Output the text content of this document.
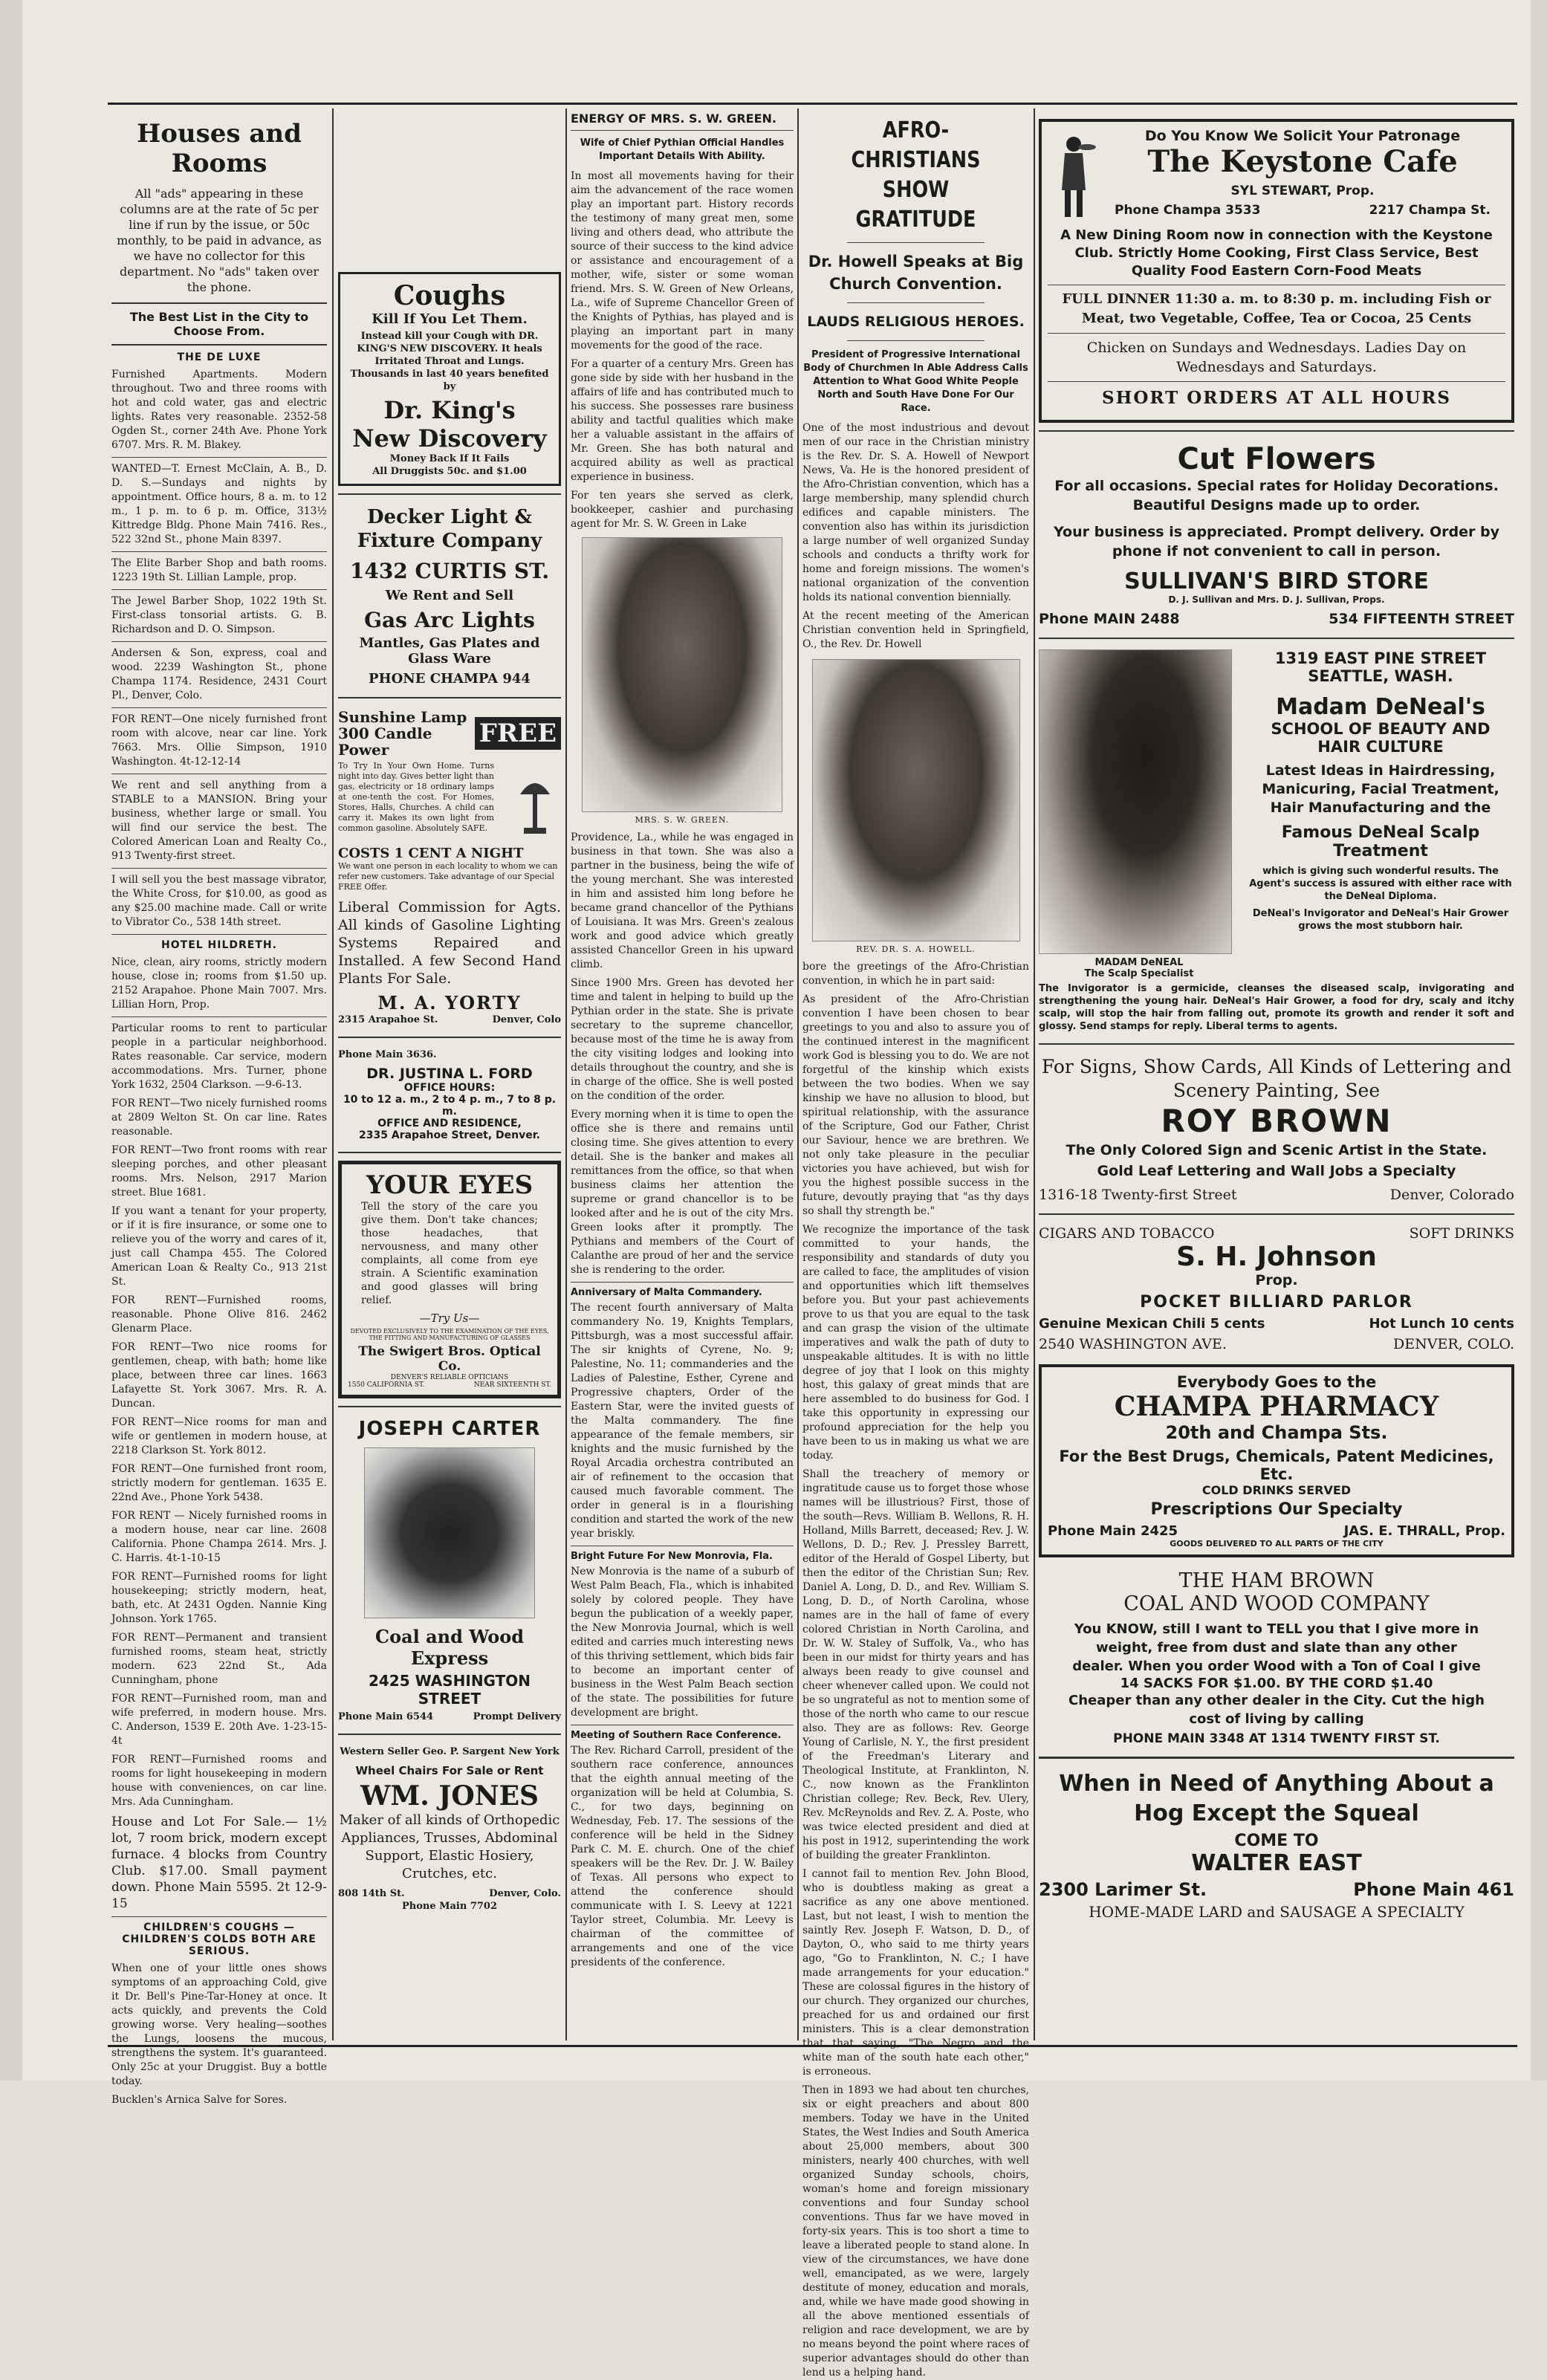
Houses and Rooms

All "ads" appearing in these columns are at the rate of 5c per line if run by the issue, or 50c monthly, to be paid in advance, as we have no collector for this department. No "ads" taken over the phone.

The Best List in the City to Choose From.
THE DE LUXE

Furnished Apartments. Modern throughout. Two and three rooms with hot and cold water, gas and electric lights. Rates very reasonable. 2352-58 Ogden St., corner 24th Ave. Phone York 6707. Mrs. R. M. Blakey.

WANTED—T. Ernest McClain, A. B., D. D. S.—Sundays and nights by appointment. Office hours, 8 a. m. to 12 m., 1 p. m. to 6 p. m. Office, 313½ Kittredge Bldg. Phone Main 7416. Res., 522 32nd St., phone Main 8397.

The Elite Barber Shop and bath rooms. 1223 19th St. Lillian Lample, prop.

The Jewel Barber Shop, 1022 19th St. First-class tonsorial artists. G. B. Richardson and D. O. Simpson.

Andersen & Son, express, coal and wood. 2239 Washington St., phone Champa 1174. Residence, 2431 Court Pl., Denver, Colo.

FOR RENT—One nicely furnished front room with alcove, near car line. York 7663. Mrs. Ollie Simpson, 1910 Washington. 4t-12-12-14

We rent and sell anything from a STABLE to a MANSION. Bring your business, whether large or small. You will find our service the best. The Colored American Loan and Realty Co., 913 Twenty-first street.

I will sell you the best massage vibrator, the White Cross, for $10.00, as good as any $25.00 machine made. Call or write to Vibrator Co., 538 14th street.

HOTEL HILDRETH.

Nice, clean, airy rooms, strictly modern house, close in; rooms from $1.50 up. 2152 Arapahoe. Phone Main 7007. Mrs. Lillian Horn, Prop.

Particular rooms to rent to particular people in a particular neighborhood. Rates reasonable. Car service, modern accommodations. Mrs. Turner, phone York 1632, 2504 Clarkson. —9-6-13.

FOR RENT—Two nicely furnished rooms at 2809 Welton St. On car line. Rates reasonable.

FOR RENT—Two front rooms with rear sleeping porches, and other pleasant rooms. Mrs. Nelson, 2917 Marion street. Blue 1681.

If you want a tenant for your property, or if it is fire insurance, or some one to relieve you of the worry and cares of it, just call Champa 455. The Colored American Loan & Realty Co., 913 21st St.

FOR RENT—Furnished rooms, reasonable. Phone Olive 816. 2462 Glenarm Place.

FOR RENT—Two nice rooms for gentlemen, cheap, with bath; home like place, between three car lines. 1663 Lafayette St. York 3067. Mrs. R. A. Duncan.

FOR RENT—Nice rooms for man and wife or gentlemen in modern house, at 2218 Clarkson St. York 8012.

FOR RENT—One furnished front room, strictly modern for gentleman. 1635 E. 22nd Ave., Phone York 5438.

FOR RENT — Nicely furnished rooms in a modern house, near car line. 2608 California. Phone Champa 2614. Mrs. J. C. Harris. 4t-1-10-15

FOR RENT—Furnished rooms for light housekeeping; strictly modern, heat, bath, etc. At 2431 Ogden. Nannie King Johnson. York 1765.

FOR RENT—Permanent and transient furnished rooms, steam heat, strictly modern. 623 22nd St., Ada Cunningham, phone

FOR RENT—Furnished room, man and wife preferred, in modern house. Mrs. C. Anderson, 1539 E. 20th Ave. 1-23-15-4t

FOR RENT—Furnished rooms and rooms for light housekeeping in modern house with conveniences, on car line. Mrs. Ada Cunningham.

House and Lot For Sale.— 1½ lot, 7 room brick, modern except furnace. 4 blocks from Country Club. $17.00. Small payment down. Phone Main 5595. 2t 12-9-15

CHILDREN'S COUGHS — CHILDREN'S COLDS BOTH ARE SERIOUS.

When one of your little ones shows symptoms of an approaching Cold, give it Dr. Bell's Pine-Tar-Honey at once. It acts quickly, and prevents the Cold growing worse. Very healing—soothes the Lungs, loosens the mucous, strengthens the system. It's guaranteed. Only 25c at your Druggist. Buy a bottle today.

Bucklen's Arnica Salve for Sores.

Coughs
Kill If You Let Them.

Instead kill your Cough with DR. KING'S NEW DISCOVERY. It heals Irritated Throat and Lungs. Thousands in last 40 years benefited by

Dr. King's
New Discovery
Money Back If It Fails
All Druggists 50c. and $1.00
Decker Light & Fixture Company
1432 CURTIS ST.
We Rent and Sell
Gas Arc Lights
Mantles, Gas Plates and Glass Ware
PHONE CHAMPA 944
Sunshine Lamp 300 Candle Power
FREE

To Try In Your Own Home. Turns night into day. Gives better light than gas, electricity or 18 ordinary lamps at one-tenth the cost. For Homes, Stores, Halls, Churches. A child can carry it. Makes its own light from common gasoline. Absolutely SAFE.

COSTS 1 CENT A NIGHT

We want one person in each locality to whom we can refer new customers. Take advantage of our Special FREE Offer.

Liberal Commission for Agts. All kinds of Gasoline Lighting Systems Repaired and Installed. A few Second Hand Plants For Sale.

M. A. YORTY
2315 Arapahoe St.	Denver, Colo
Phone Main 3636.
DR. JUSTINA L. FORD
OFFICE HOURS:
10 to 12 a. m., 2 to 4 p. m., 7 to 8 p. m.
OFFICE AND RESIDENCE,
2335 Arapahoe Street, Denver.
YOUR EYES

Tell the story of the care you give them. Don't take chances; those headaches, that nervousness, and many other complaints, all come from eye strain. A Scientific examination and good glasses will bring relief.

—Try Us—
DEVOTED EXCLUSIVELY TO THE EXAMINATION OF THE EYES, THE FITTING AND MANUFACTURING OF GLASSES
The Swigert Bros. Optical Co.
DENVER'S RELIABLE OPTICIANS
1550 CALIFORNIA ST.	NEAR SIXTEENTH ST.
JOSEPH CARTER
Coal and Wood Express
2425 WASHINGTON STREET
Phone Main 6544	Prompt Delivery
Western Seller Geo. P. Sargent New York
Wheel Chairs For Sale or Rent
WM. JONES

Maker of all kinds of Orthopedic Appliances, Trusses, Abdominal Support, Elastic Hosiery, Crutches, etc.

808 14th St.	Denver, Colo.
Phone Main 7702
ENERGY OF MRS. S. W. GREEN.
Wife of Chief Pythian Official Handles Important Details With Ability.

In most all movements having for their aim the advancement of the race women play an important part. History records the testimony of many great men, some living and others dead, who attribute the source of their success to the kind advice or assistance and encouragement of a mother, wife, sister or some woman friend. Mrs. S. W. Green of New Orleans, La., wife of Supreme Chancellor Green of the Knights of Pythias, has played and is playing an important part in many movements for the good of the race.

For a quarter of a century Mrs. Green has gone side by side with her husband in the affairs of life and has contributed much to his success. She possesses rare business ability and tactful qualities which make her a valuable assistant in the affairs of Mr. Green. She has both natural and acquired ability as well as practical experience in business.

For ten years she served as clerk, bookkeeper, cashier and purchasing agent for Mr. S. W. Green in Lake

MRS. S. W. GREEN.

Providence, La., while he was engaged in business in that town. She was also a partner in the business, being the wife of the young merchant. She was interested in him and assisted him long before he became grand chancellor of the Pythians of Louisiana. It was Mrs. Green's zealous work and good advice which greatly assisted Chancellor Green in his upward climb.

Since 1900 Mrs. Green has devoted her time and talent in helping to build up the Pythian order in the state. She is private secretary to the supreme chancellor, because most of the time he is away from the city visiting lodges and looking into details throughout the country, and she is in charge of the office. She is well posted on the condition of the order.

Every morning when it is time to open the office she is there and remains until closing time. She gives attention to every detail. She is the banker and makes all remittances from the office, so that when business claims her attention the supreme or grand chancellor is to be looked after and he is out of the city Mrs. Green looks after it promptly. The Pythians and members of the Court of Calanthe are proud of her and the service she is rendering to the order.

Anniversary of Malta Commandery.

The recent fourth anniversary of Malta commandery No. 19, Knights Templars, Pittsburgh, was a most successful affair. The sir knights of Cyrene, No. 9; Palestine, No. 11; commanderies and the Ladies of Palestine, Esther, Cyrene and Progressive chapters, Order of the Eastern Star, were the invited guests of the Malta commandery. The fine appearance of the female members, sir knights and the music furnished by the Royal Arcadia orchestra contributed an air of refinement to the occasion that caused much favorable comment. The order in general is in a flourishing condition and started the work of the new year briskly.

Bright Future For New Monrovia, Fla.

New Monrovia is the name of a suburb of West Palm Beach, Fla., which is inhabited solely by colored people. They have begun the publication of a weekly paper, the New Monrovia Journal, which is well edited and carries much interesting news of this thriving settlement, which bids fair to become an important center of business in the West Palm Beach section of the state. The possibilities for future development are bright.

Meeting of Southern Race Conference.

The Rev. Richard Carroll, president of the southern race conference, announces that the eighth annual meeting of the organization will be held at Columbia, S. C., for two days, beginning on Wednesday, Feb. 17. The sessions of the conference will be held in the Sidney Park C. M. E. church. One of the chief speakers will be the Rev. Dr. J. W. Bailey of Texas. All persons who expect to attend the conference should communicate with I. S. Leevy at 1221 Taylor street, Columbia. Mr. Leevy is chairman of the committee of arrangements and one of the vice presidents of the conference.

AFRO-CHRISTIANS
SHOW GRATITUDE
Dr. Howell Speaks at Big
Church Convention.
LAUDS RELIGIOUS HEROES.
President of Progressive International Body of Churchmen In Able Address Calls Attention to What Good White People North and South Have Done For Our Race.

One of the most industrious and devout men of our race in the Christian ministry is the Rev. Dr. S. A. Howell of Newport News, Va. He is the honored president of the Afro-Christian convention, which has a large membership, many splendid church edifices and capable ministers. The convention also has within its jurisdiction a large number of well organized Sunday schools and conducts a thrifty work for home and foreign missions. The women's national organization of the convention holds its national convention biennially.

At the recent meeting of the American Christian convention held in Springfield, O., the Rev. Dr. Howell

REV. DR. S. A. HOWELL.

bore the greetings of the Afro-Christian convention, in which he in part said:

As president of the Afro-Christian convention I have been chosen to bear greetings to you and also to assure you of the continued interest in the magnificent work God is blessing you to do. We are not forgetful of the kinship which exists between the two bodies. When we say kinship we have no allusion to blood, but spiritual relationship, with the assurance of the Scripture, God our Father, Christ our Saviour, hence we are brethren. We not only take pleasure in the peculiar victories you have achieved, but wish for you the highest possible success in the future, devoutly praying that "as thy days so shall thy strength be."

We recognize the importance of the task committed to your hands, the responsibility and standards of duty you are called to face, the amplitudes of vision and opportunities which lift themselves before you. But your past achievements prove to us that you are equal to the task and can grasp the vision of the ultimate imperatives and walk the path of duty to unspeakable altitudes. It is with no little degree of joy that I look on this mighty host, this galaxy of great minds that are here assembled to do business for God. I take this opportunity in expressing our profound appreciation for the help you have been to us in making us what we are today.

Shall the treachery of memory or ingratitude cause us to forget those whose names will be illustrious? First, those of the south—Revs. William B. Wellons, R. H. Holland, Mills Barrett, deceased; Rev. J. W. Wellons, D. D.; Rev. J. Pressley Barrett, editor of the Herald of Gospel Liberty, but then the editor of the Christian Sun; Rev. Daniel A. Long, D. D., and Rev. William S. Long, D. D., of North Carolina, whose names are in the hall of fame of every colored Christian in North Carolina, and Dr. W. W. Staley of Suffolk, Va., who has been in our midst for thirty years and has always been ready to give counsel and cheer whenever called upon. We could not be so ungrateful as not to mention some of those of the north who came to our rescue also. They are as follows: Rev. George Young of Carlisle, N. Y., the first president of the Freedman's Literary and Theological Institute, at Franklinton, N. C., now known as the Franklinton Christian college; Rev. Beck, Rev. Ulery, Rev. McReynolds and Rev. Z. A. Poste, who was twice elected president and died at his post in 1912, superintending the work of building the greater Franklinton.

I cannot fail to mention Rev. John Blood, who is doubtless making as great a sacrifice as any one above mentioned. Last, but not least, I wish to mention the saintly Rev. Joseph F. Watson, D. D., of Dayton, O., who said to me thirty years ago, "Go to Franklinton, N. C.; I have made arrangements for your education." These are colossal figures in the history of our church. They organized our churches, preached for us and ordained our first ministers. This is a clear demonstration that that saying, "The Negro and the white man of the south hate each other," is erroneous.

Then in 1893 we had about ten churches, six or eight preachers and about 800 members. Today we have in the United States, the West Indies and South America about 25,000 members, about 300 ministers, nearly 400 churches, with well organized Sunday schools, choirs, woman's home and foreign missionary conventions and four Sunday school conventions. Thus far we have moved in forty-six years. This is too short a time to leave a liberated people to stand alone. In view of the circumstances, we have done well, emancipated, as we were, largely destitute of money, education and morals, and, while we have made good showing in all the above mentioned essentials of religion and race development, we are by no means beyond the point where races of superior advantages should do other than lend us a helping hand.

Do You Know We Solicit Your Patronage
The Keystone Cafe
SYL STEWART, Prop.
Phone Champa 3533	2217 Champa St.

A New Dining Room now in connection with the Keystone Club. Strictly Home Cooking, First Class Service, Best Quality Food Eastern Corn-Food Meats

FULL DINNER 11:30 a. m. to 8:30 p. m. including Fish or Meat, two Vegetable, Coffee, Tea or Cocoa, 25 Cents

Chicken on Sundays and Wednesdays. Ladies Day on Wednesdays and Saturdays.

SHORT ORDERS AT ALL HOURS
Cut Flowers

For all occasions. Special rates for Holiday Decorations. Beautiful Designs made up to order.

Your business is appreciated. Prompt delivery. Order by phone if not convenient to call in person.

SULLIVAN'S BIRD STORE
D. J. Sullivan and Mrs. D. J. Sullivan, Props.
Phone MAIN 2488	534 FIFTEENTH STREET
MADAM DeNEAL
The Scalp Specialist
1319 EAST PINE STREET
SEATTLE, WASH.
Madam DeNeal's
SCHOOL OF BEAUTY AND HAIR CULTURE

Latest Ideas in Hairdressing, Manicuring, Facial Treatment, Hair Manufacturing and the

Famous DeNeal Scalp Treatment

which is giving such wonderful results. The Agent's success is assured with either race with the DeNeal Diploma.

DeNeal's Invigorator and DeNeal's Hair Grower grows the most stubborn hair.

The Invigorator is a germicide, cleanses the diseased scalp, invigorating and strengthening the young hair. DeNeal's Hair Grower, a food for dry, scaly and itchy scalp, will stop the hair from falling out, promote its growth and render it soft and glossy. Send stamps for reply. Liberal terms to agents.

For Signs, Show Cards, All Kinds of Lettering and Scenery Painting, See

ROY BROWN

The Only Colored Sign and Scenic Artist in the State.

Gold Leaf Lettering and Wall Jobs a Specialty

1316-18 Twenty-first Street	Denver, Colorado
CIGARS AND TOBACCO	SOFT DRINKS
S. H. Johnson
Prop.
POCKET BILLIARD PARLOR
Genuine Mexican Chili 5 cents	Hot Lunch 10 cents
2540 WASHINGTON AVE.	DENVER, COLO.
Everybody Goes to the
CHAMPA PHARMACY
20th and Champa Sts.
For the Best Drugs, Chemicals, Patent Medicines, Etc.
COLD DRINKS SERVED
Prescriptions Our Specialty
Phone Main 2425	JAS. E. THRALL, Prop.
GOODS DELIVERED TO ALL PARTS OF THE CITY
THE HAM BROWN
COAL AND WOOD COMPANY

You KNOW, still I want to TELL you that I give more in weight, free from dust and slate than any other dealer. When you order Wood with a Ton of Coal I give

14 SACKS FOR $1.00. BY THE CORD $1.40

Cheaper than any other dealer in the City. Cut the high cost of living by calling

PHONE MAIN 3348 AT 1314 TWENTY FIRST ST.

When in Need of Anything About a Hog Except the Squeal

COME TO
WALTER EAST
2300 Larimer St.	Phone Main 461
HOME-MADE LARD and SAUSAGE A SPECIALTY
